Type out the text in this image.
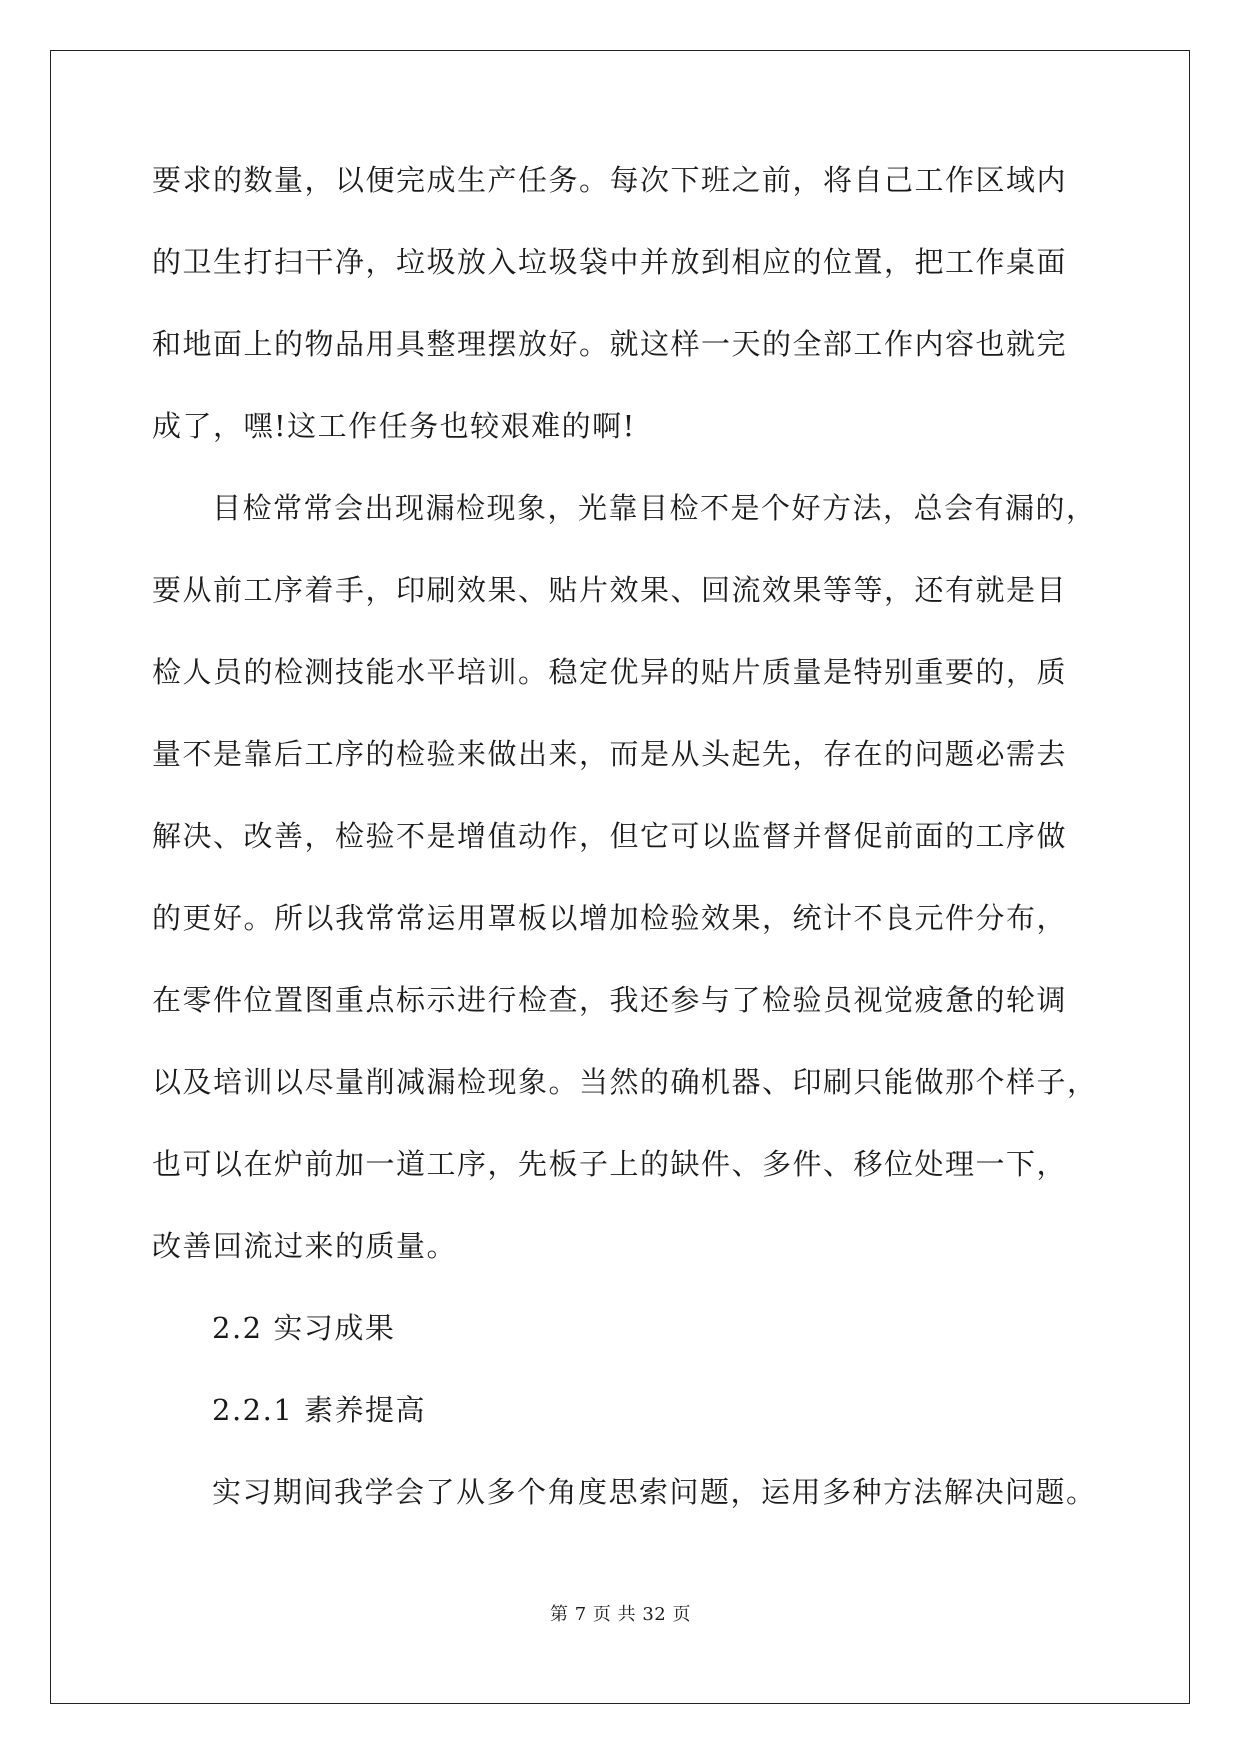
要求的数量，以便完成生产任务。每次下班之前，将自己工作区域内
的卫生打扫干净，垃圾放入垃圾袋中并放到相应的位置，把工作桌面
和地面上的物品用具整理摆放好。就这样一天的全部工作内容也就完
成了，嘿!这工作任务也较艰难的啊!
目检常常会出现漏检现象，光靠目检不是个好方法，总会有漏的，
要从前工序着手，印刷效果、贴片效果、回流效果等等，还有就是目
检人员的检测技能水平培训。稳定优异的贴片质量是特别重要的，质
量不是靠后工序的检验来做出来，而是从头起先，存在的问题必需去
解决、改善，检验不是增值动作，但它可以监督并督促前面的工序做
的更好。所以我常常运用罩板以增加检验效果，统计不良元件分布，
在零件位置图重点标示进行检查，我还参与了检验员视觉疲惫的轮调
以及培训以尽量削减漏检现象。当然的确机器、印刷只能做那个样子，
也可以在炉前加一道工序，先板子上的缺件、多件、移位处理一下，
改善回流过来的质量。
2.2 实习成果
2.2.1 素养提高
实习期间我学会了从多个角度思索问题，运用多种方法解决问题。
第 7 页 共 32 页
